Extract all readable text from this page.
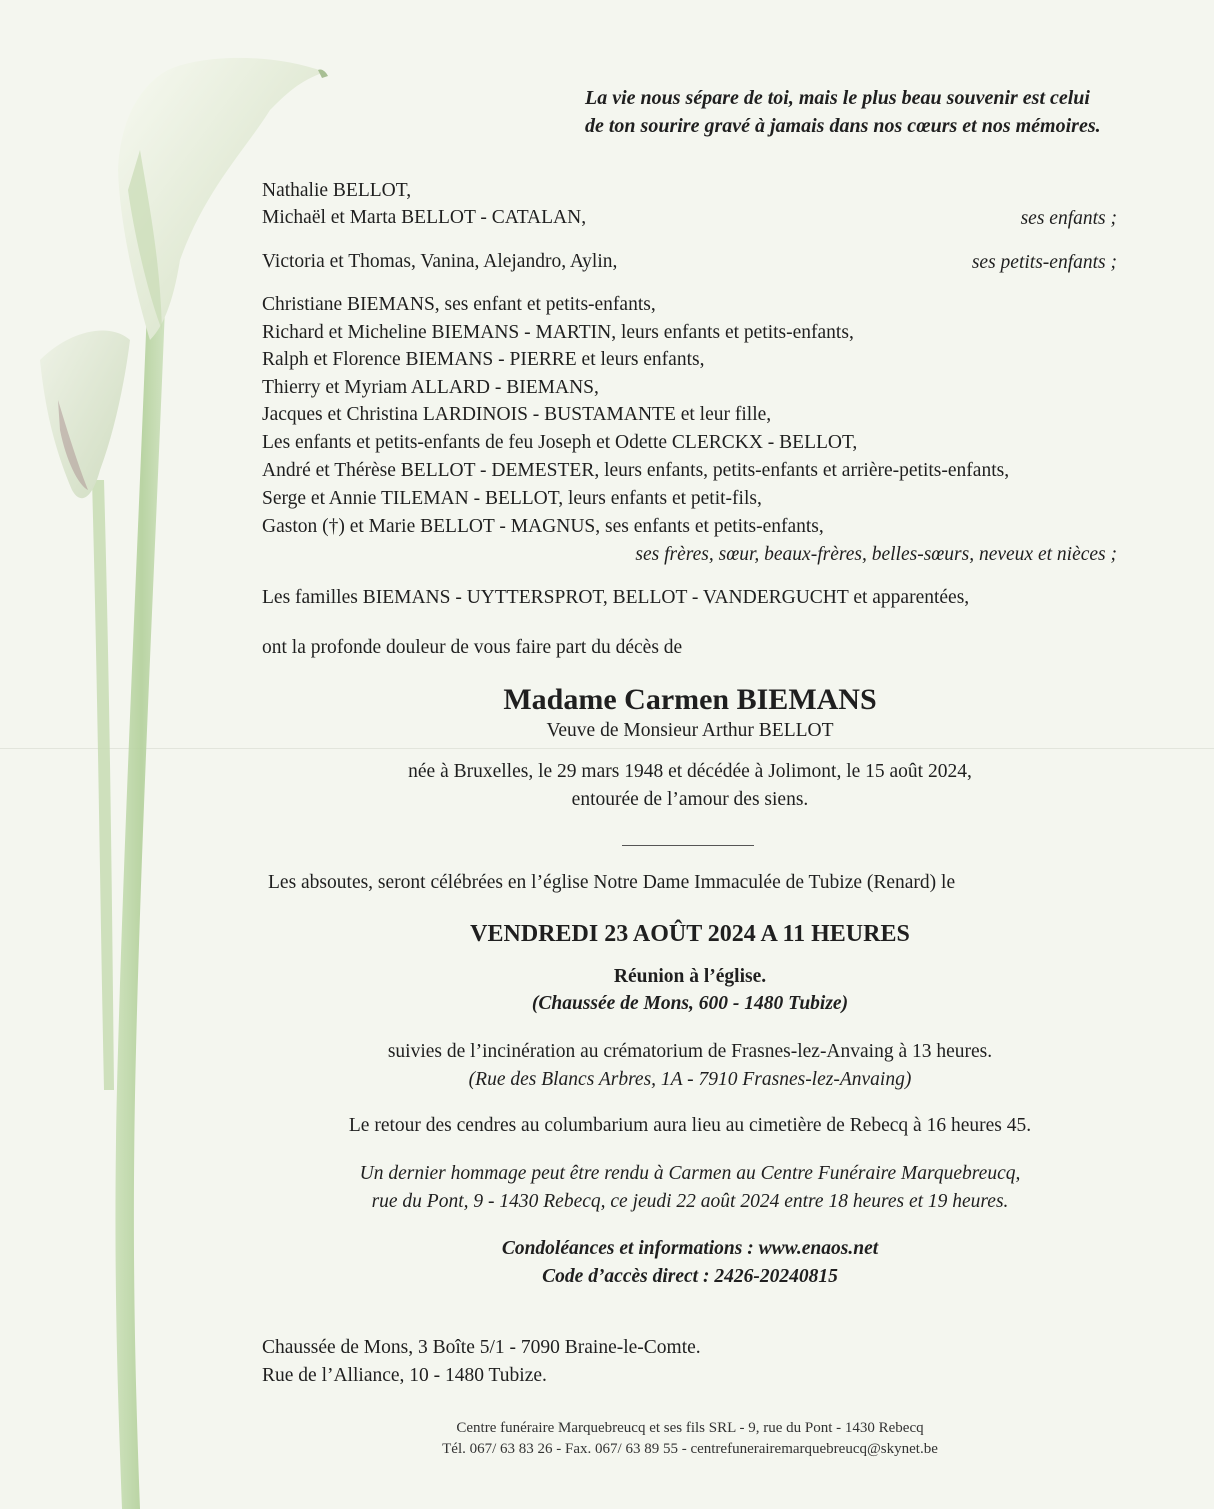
La vie nous sépare de toi, mais le plus beau souvenir est celui
de ton sourire gravé à jamais dans nos cœurs et nos mémoires.
Nathalie BELLOT,
Michaël et Marta BELLOT - CATALAN,	ses enfants ;
Victoria et Thomas, Vanina, Alejandro, Aylin,	ses petits-enfants ;
Christiane BIEMANS, ses enfant et petits-enfants,
Richard et Micheline BIEMANS - MARTIN, leurs enfants et petits-enfants,
Ralph et Florence BIEMANS - PIERRE et leurs enfants,
Thierry et Myriam ALLARD - BIEMANS,
Jacques et Christina LARDINOIS - BUSTAMANTE et leur fille,
Les enfants et petits-enfants de feu Joseph et Odette CLERCKX - BELLOT,
André et Thérèse BELLOT - DEMESTER, leurs enfants, petits-enfants et arrière-petits-enfants,
Serge et Annie TILEMAN - BELLOT, leurs enfants et petit-fils,
Gaston (†) et Marie BELLOT - MAGNUS, ses enfants et petits-enfants,
ses frères, sœur, beaux-frères, belles-sœurs, neveux et nièces ;
Les familles BIEMANS - UYTTERSPROT, BELLOT - VANDERGUCHT et apparentées,
ont la profonde douleur de vous faire part du décès de
Madame Carmen BIEMANS
Veuve de Monsieur Arthur BELLOT
née à Bruxelles, le 29 mars 1948 et décédée à Jolimont, le 15 août 2024,
entourée de l’amour des siens.
Les absoutes, seront célébrées en l’église Notre Dame Immaculée de Tubize (Renard) le
VENDREDI 23 AOÛT 2024 A 11 HEURES
Réunion à l’église.
(Chaussée de Mons, 600 - 1480 Tubize)
suivies de l’incinération au crématorium de Frasnes-lez-Anvaing à 13 heures.
(Rue des Blancs Arbres, 1A - 7910 Frasnes-lez-Anvaing)
Le retour des cendres au columbarium aura lieu au cimetière de Rebecq à 16 heures 45.
Un dernier hommage peut être rendu à Carmen au Centre Funéraire Marquebreucq,
rue du Pont, 9 - 1430 Rebecq, ce jeudi 22 août 2024 entre 18 heures et 19 heures.
Condoléances et informations : www.enaos.net
Code d’accès direct : 2426-20240815
Chaussée de Mons, 3 Boîte 5/1 - 7090 Braine-le-Comte.
Rue de l’Alliance, 10 - 1480 Tubize.
Centre funéraire Marquebreucq et ses fils SRL - 9, rue du Pont - 1430 Rebecq
Tél. 067/ 63 83 26 - Fax. 067/ 63 89 55 - centrefunerairemarquebreucq@skynet.be
